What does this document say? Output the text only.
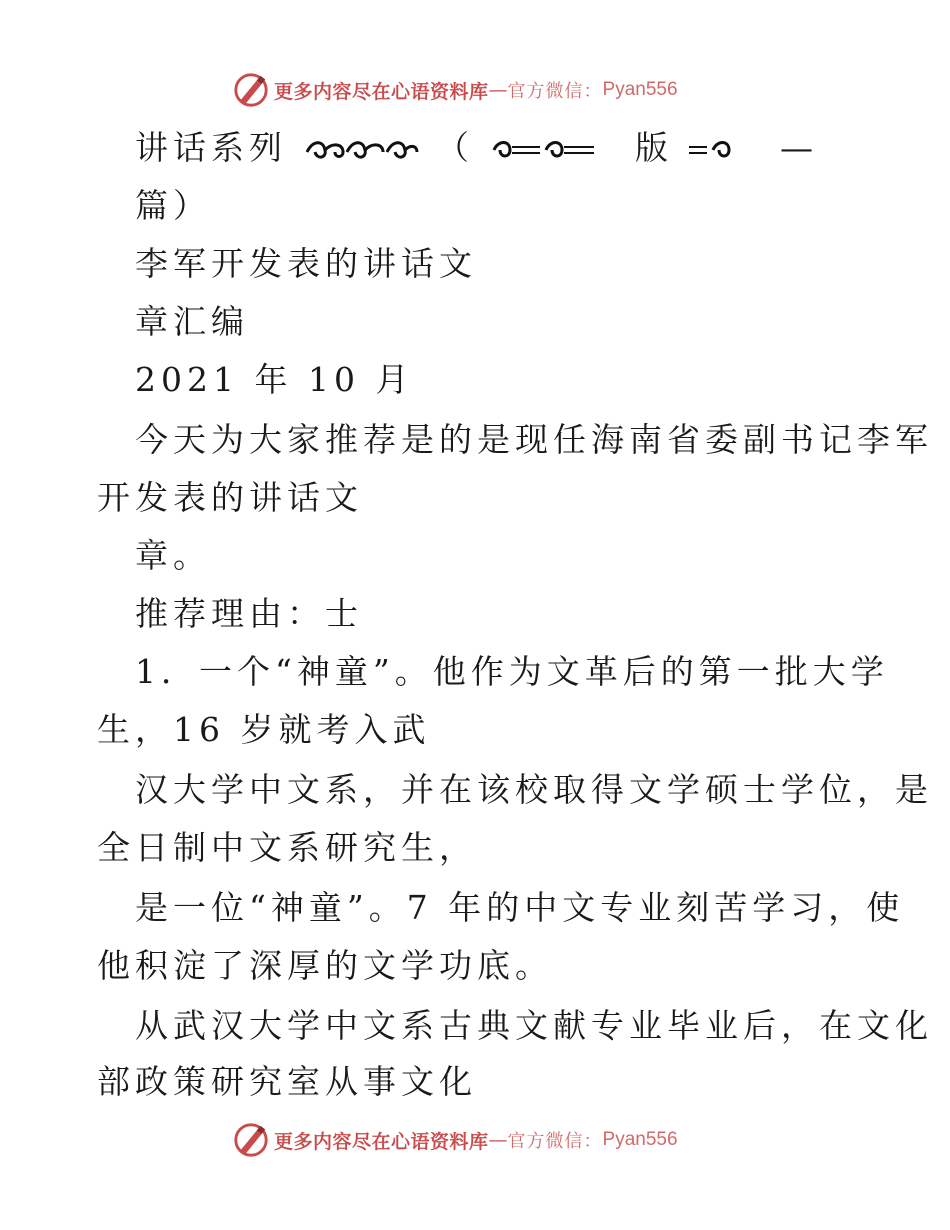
更多内容尽在心语资料库 — 官方微信： Pyan556
讲话系列	（	版	—
篇）
李军开发表的讲话文
章汇编
2021 年 10 月
今天为大家推荐是的是现任海南省委副书记李军
开发表的讲话文
章。
推荐理由：士
1．一个“神童”。他作为文革后的第一批大学
生，16 岁就考入武
汉大学中文系，并在该校取得文学硕士学位，是
全日制中文系研究生，
是一位“神童”。7 年的中文专业刻苦学习，使
他积淀了深厚的文学功底。
从武汉大学中文系古典文献专业毕业后，在文化
部政策研究室从事文化
更多内容尽在心语资料库 — 官方微信： Pyan556
